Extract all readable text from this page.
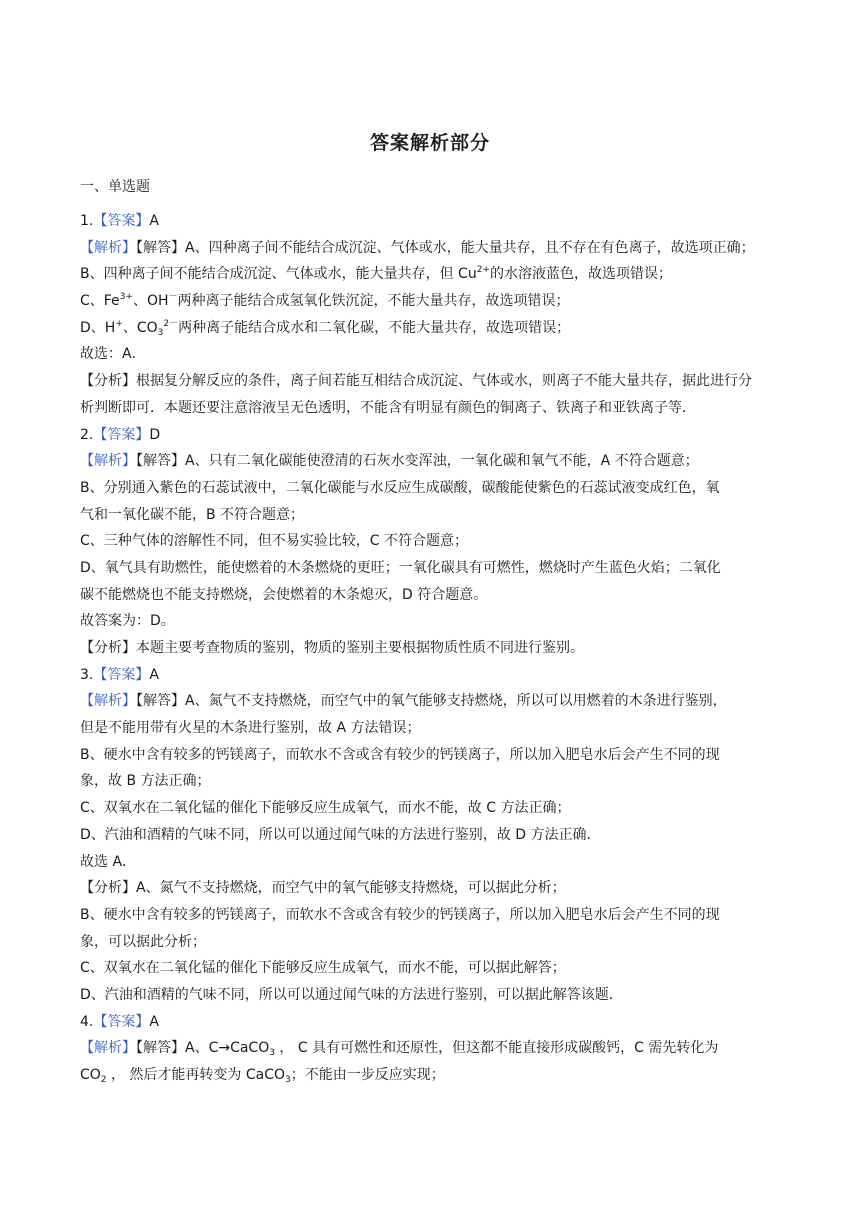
答案解析部分
一、单选题
1.【答案】A
【解析】【解答】A、四种离子间不能结合成沉淀、气体或水，能大量共存，且不存在有色离子，故选项正确；
B、四种离子间不能结合成沉淀、气体或水，能大量共存，但 $Cu^{2+}$的水溶液蓝色，故选项错误；
C、$Fe^{3+}$、OH－两种离子能结合成氢氧化铁沉淀，不能大量共存，故选项错误；
D、H+、$CO_3^{2-}$两种离子能结合成水和二氧化碳，不能大量共存，故选项错误；
故选：A．
【分析】根据复分解反应的条件，离子间若能互相结合成沉淀、气体或水，则离子不能大量共存，据此进行分
析判断即可．本题还要注意溶液呈无色透明，不能含有明显有颜色的铜离子、铁离子和亚铁离子等．
2.【答案】D
【解析】【解答】A、只有二氧化碳能使澄清的石灰水变浑浊，一氧化碳和氧气不能，A 不符合题意；
B、分别通入紫色的石蕊试液中，二氧化碳能与水反应生成碳酸，碳酸能使紫色的石蕊试液变成红色，氧
气和一氧化碳不能，B 不符合题意；
C、三种气体的溶解性不同，但不易实验比较，C 不符合题意；
D、氧气具有助燃性，能使燃着的木条燃烧的更旺；一氧化碳具有可燃性，燃烧时产生蓝色火焰；二氧化
碳不能燃烧也不能支持燃烧，会使燃着的木条熄灭，D 符合题意。
故答案为：D。
【分析】本题主要考查物质的鉴别，物质的鉴别主要根据物质性质不同进行鉴别。
3.【答案】A
【解析】【解答】A、氮气不支持燃烧，而空气中的氧气能够支持燃烧，所以可以用燃着的木条进行鉴别，
但是不能用带有火星的木条进行鉴别，故 A 方法错误；
B、硬水中含有较多的钙镁离子，而软水不含或含有较少的钙镁离子，所以加入肥皂水后会产生不同的现
象，故 B 方法正确；
C、双氧水在二氧化锰的催化下能够反应生成氧气，而水不能，故 C 方法正确；
D、汽油和酒精的气味不同，所以可以通过闻气味的方法进行鉴别，故 D 方法正确．
故选 A．
【分析】A、氮气不支持燃烧，而空气中的氧气能够支持燃烧，可以据此分析；
B、硬水中含有较多的钙镁离子，而软水不含或含有较少的钙镁离子，所以加入肥皂水后会产生不同的现
象，可以据此分析；
C、双氧水在二氧化锰的催化下能够反应生成氧气，而水不能，可以据此解答；
D、汽油和酒精的气味不同，所以可以通过闻气味的方法进行鉴别，可以据此解答该题．
4.【答案】A
【解析】【解答】A、C→CaCO$_3$ ， C 具有可燃性和还原性，但这都不能直接形成碳酸钙，C 需先转化为
$CO_2$ ， 然后才能再转变为 CaCO$_3$；不能由一步反应实现；
